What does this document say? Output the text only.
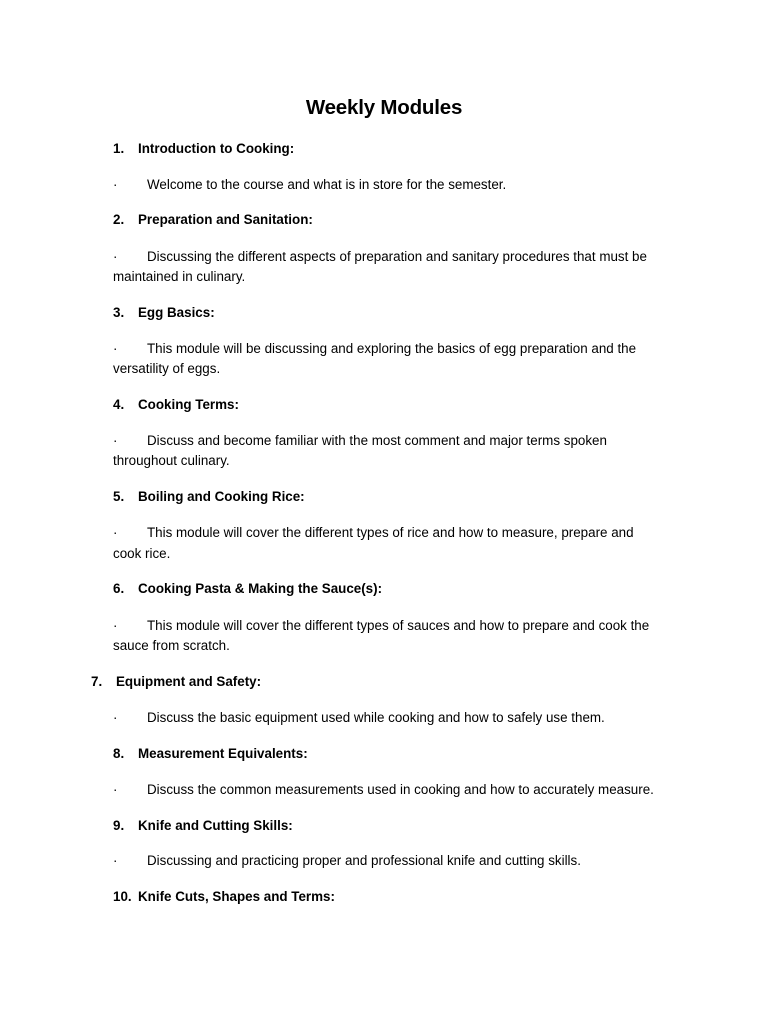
Weekly Modules
1. Introduction to Cooking:
· Welcome to the course and what is in store for the semester.
2. Preparation and Sanitation:
· Discussing the different aspects of preparation and sanitary procedures that must be
maintained in culinary.
3. Egg Basics:
· This module will be discussing and exploring the basics of egg preparation and the
versatility of eggs.
4. Cooking Terms:
· Discuss and become familiar with the most comment and major terms spoken
throughout culinary.
5. Boiling and Cooking Rice:
· This module will cover the different types of rice and how to measure, prepare and
cook rice.
6. Cooking Pasta & Making the Sauce(s):
· This module will cover the different types of sauces and how to prepare and cook the
sauce from scratch.
7. Equipment and Safety:
· Discuss the basic equipment used while cooking and how to safely use them.
8. Measurement Equivalents:
· Discuss the common measurements used in cooking and how to accurately measure.
9. Knife and Cutting Skills:
· Discussing and practicing proper and professional knife and cutting skills.
10. Knife Cuts, Shapes and Terms:
